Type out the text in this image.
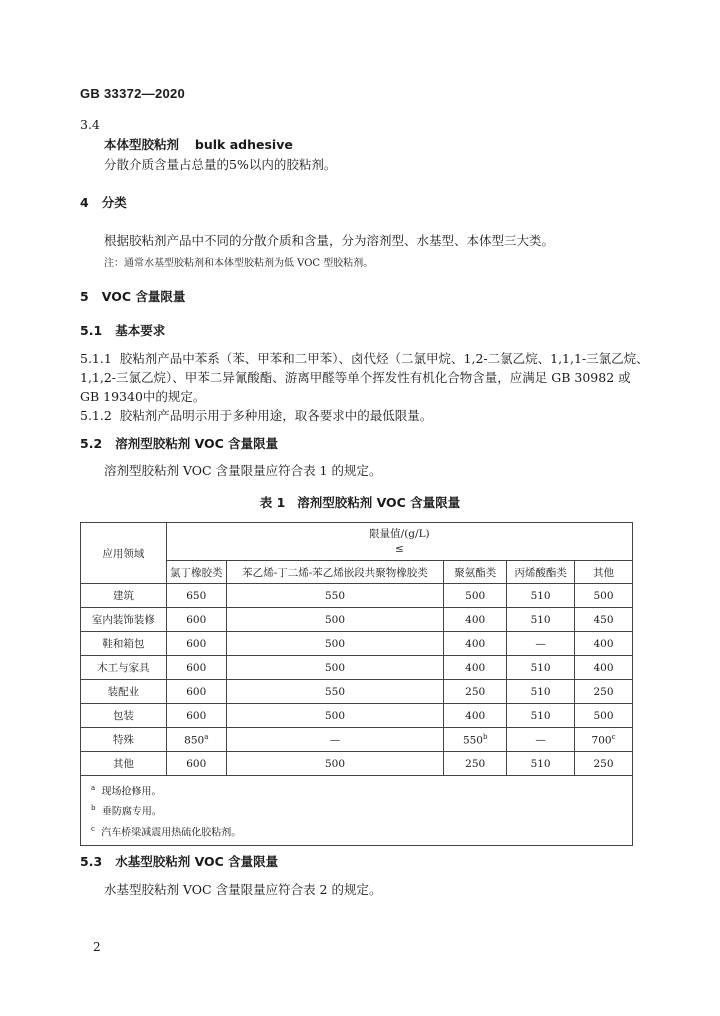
GB 33372—2020
3.4
本体型胶粘剂 bulk adhesive
分散介质含量占总量的5%以内的胶粘剂。
4 分类
根据胶粘剂产品中不同的分散介质和含量，分为溶剂型、水基型、本体型三大类。
注：通常水基型胶粘剂和本体型胶粘剂为低 VOC 型胶粘剂。
5 VOC 含量限量
5.1 基本要求
5.1.1 胶粘剂产品中苯系（苯、甲苯和二甲苯）、卤代烃（二氯甲烷、1,2-二氯乙烷、1,1,1-三氯乙烷、
1,1,2-三氯乙烷）、甲苯二异氰酸酯、游离甲醛等单个挥发性有机化合物含量，应满足 GB 30982 或
GB 19340中的规定。
5.1.2 胶粘剂产品明示用于多种用途，取各要求中的最低限量。
5.2 溶剂型胶粘剂 VOC 含量限量
溶剂型胶粘剂 VOC 含量限量应符合表 1 的规定。
表 1 溶剂型胶粘剂 VOC 含量限量
应用领域	限量值/(g/L)
≤				

	氯丁橡胶类	苯乙烯-丁二烯-苯乙烯嵌段共聚物橡胶类	聚氨酯类	丙烯酸酯类	其他
建筑	650	550	500	510	500
室内装饰装修	600	500	400	510	450
鞋和箱包	600	500	400	—	400
木工与家具	600	500	400	510	400
装配业	600	550	250	510	250
包装	600	500	400	510	500
特殊	850$^a$	—	550$^b$	—	700$^c$
其他	600	500	250	510	250

$^a$ 现场抢修用。
$^b$ 垂防腐专用。
$^c$ 汽车桥梁减震用热硫化胶粘剂。					
5.3 水基型胶粘剂 VOC 含量限量
水基型胶粘剂 VOC 含量限量应符合表 2 的规定。
2
